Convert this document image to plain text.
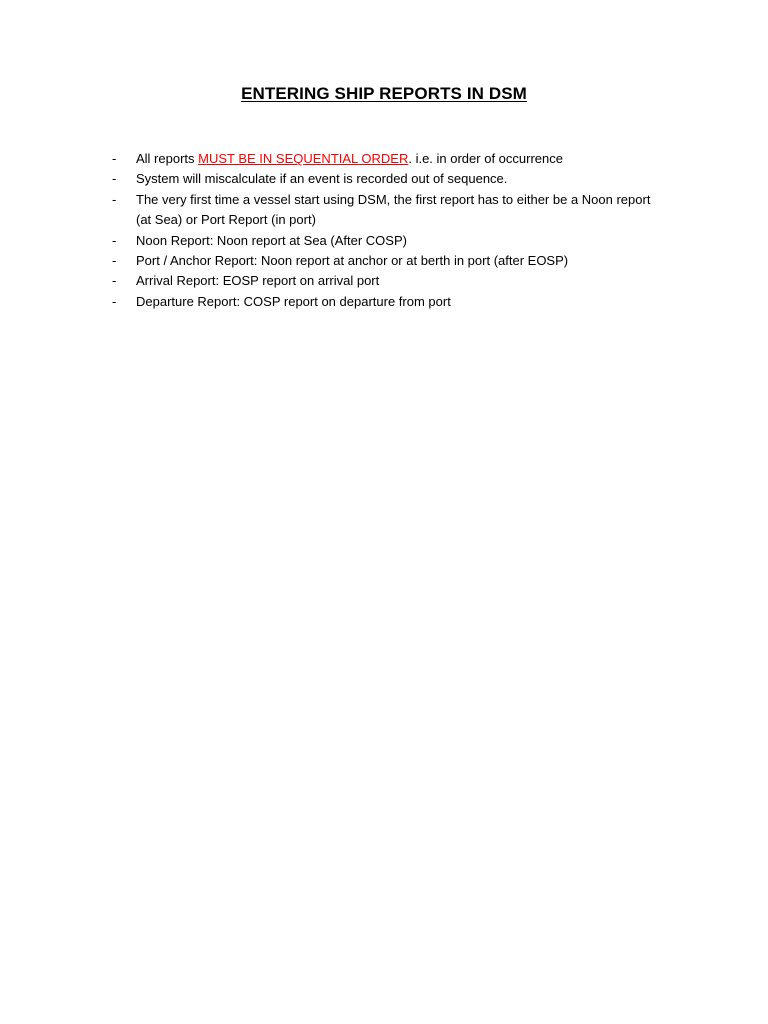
ENTERING SHIP REPORTS IN DSM
- All reports MUST BE IN SEQUENTIAL ORDER. i.e. in order of occurrence
- System will miscalculate if an event is recorded out of sequence.
- The very first time a vessel start using DSM, the first report has to either be a Noon report (at Sea) or Port Report (in port)
- Noon Report: Noon report at Sea (After COSP)
- Port / Anchor Report: Noon report at anchor or at berth in port (after EOSP)
- Arrival Report: EOSP report on arrival port
- Departure Report: COSP report on departure from port
